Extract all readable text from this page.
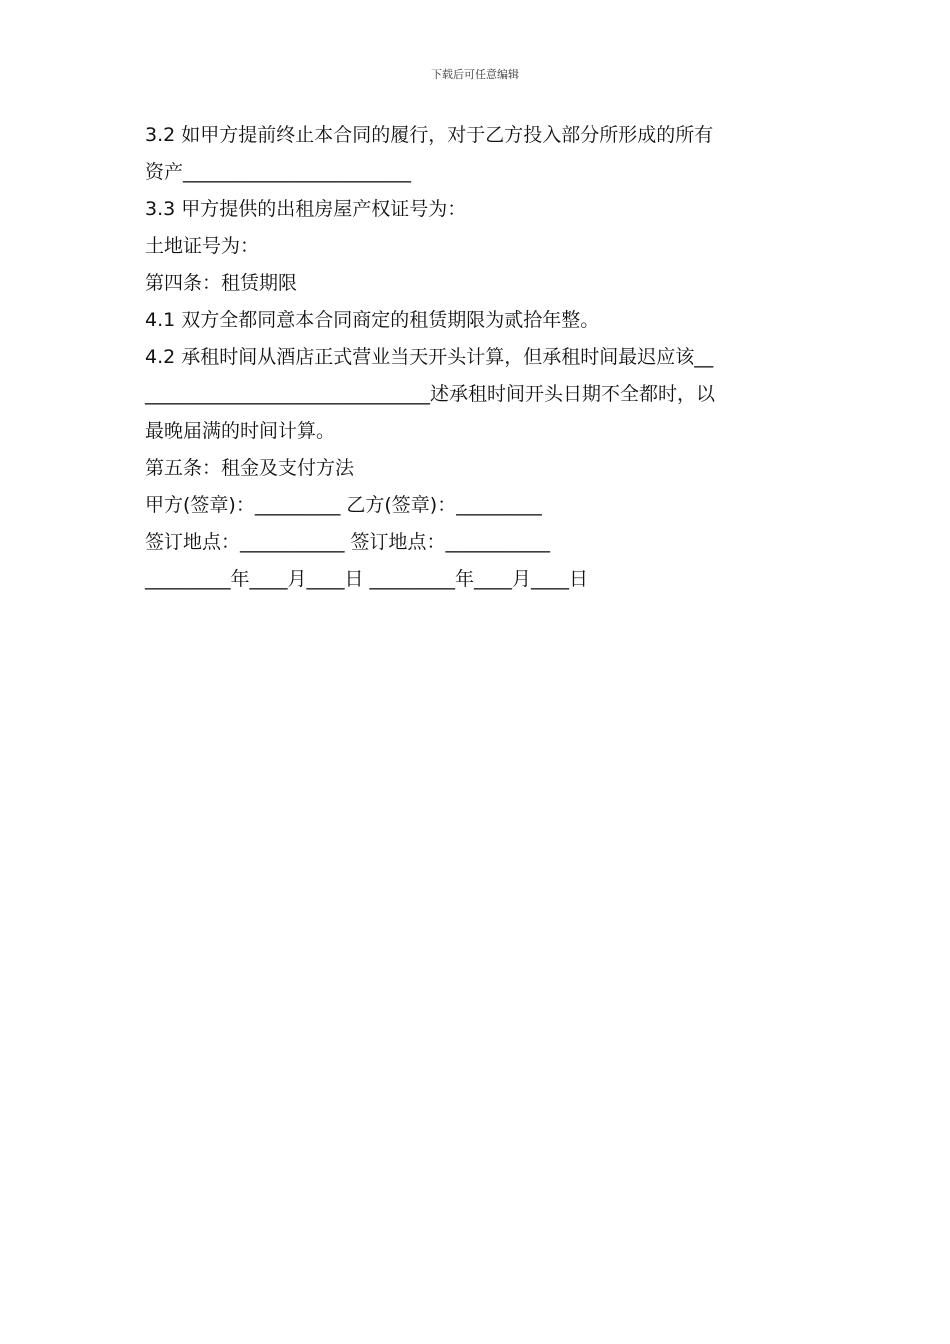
下载后可任意编辑
3.2 如甲方提前终止本合同的履行，对于乙方投入部分所形成的所有
资产________________________
3.3 甲方提供的出租房屋产权证号为：
土地证号为：
第四条：租赁期限
4.1 双方全都同意本合同商定的租赁期限为贰拾年整。
4.2 承租时间从酒店正式营业当天开头计算，但承租时间最迟应该__
______________________________述承租时间开头日期不全都时，以
最晚届满的时间计算。
第五条：租金及支付方法
甲方(签章)：_________ 乙方(签章)：_________
签订地点：___________ 签订地点：___________
_________年____月____日 _________年____月____日
